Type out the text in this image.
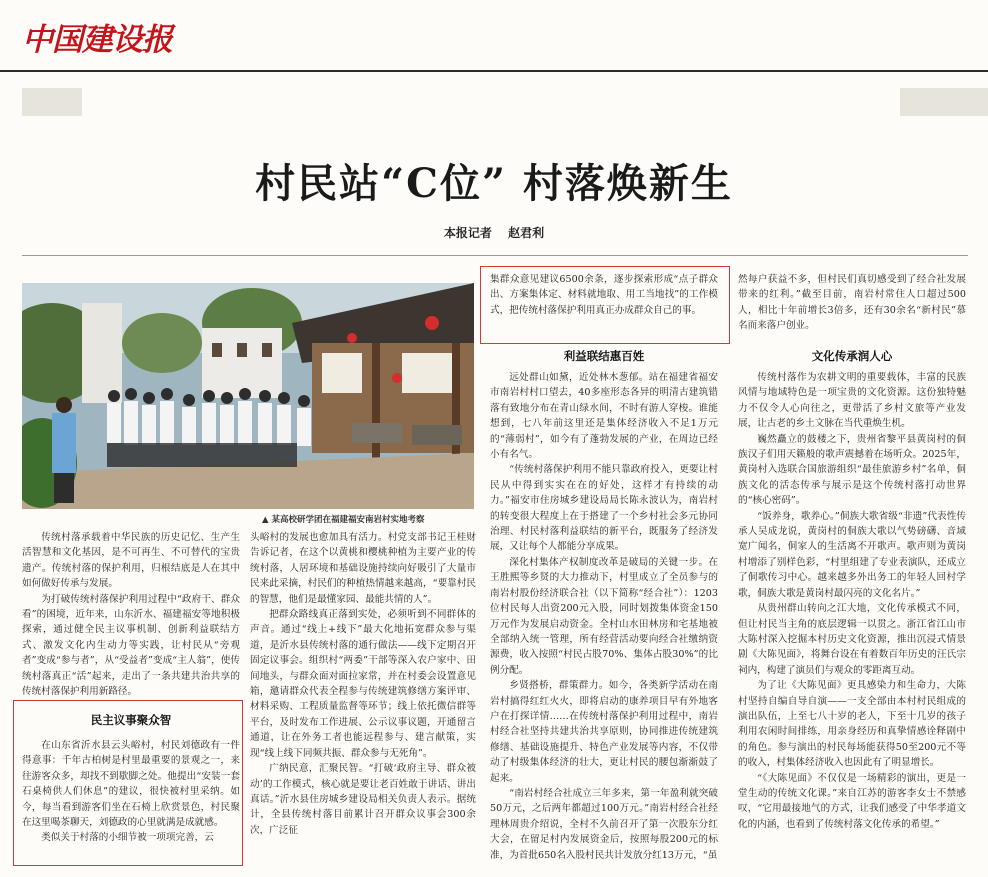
中国建设报
村民站“C位” 村落焕新生
本报记者 赵君利
▲ 某高校研学团在福建福安南岩村实地考察

传统村落承载着中华民族的历史记忆、生产生活智慧和文化基因，是不可再生、不可替代的宝贵遗产。传统村落的保护利用，归根结底是人在其中如何做好传承与发展。

为打破传统村落保护利用过程中“政府干、群众看”的困境，近年来，山东沂水、福建福安等地积极探索，通过健全民主议事机制、创新利益联结方式、激发文化内生动力等实践，让村民从“旁观者”变成“参与者”，从“受益者”变成“主人翁”，使传统村落真正“活”起来，走出了一条共建共治共享的传统村落保护利用新路径。

民主议事聚众智

在山东省沂水县云头峪村，村民刘德政有一件得意事：千年古柏树是村里最重要的景观之一，来往游客众多，却找不到歇脚之处。他提出“安装一套石桌椅供人们休息”的建议，很快被村里采纳。如今，每当看到游客们坐在石椅上欣赏景色，村民聚在这里喝茶聊天，刘德政的心里就满是成就感。

类似关于村落的小细节被一项项完善，云

头峪村的发展也愈加具有活力。村党支部书记王桂财告诉记者，在这个以黄桃和樱桃种植为主要产业的传统村落，人居环境和基础设施持续向好吸引了大量市民来此采摘，村民们的种植热情越来越高，“要靠村民的智慧，他们是最懂家园、最能共情的人”。

把群众路线真正落到实处，必须听到不同群体的声音。通过“线上+线下”最大化地拓宽群众参与渠道，是沂水县传统村落的通行做法——线下定期召开固定议事会。组织村“两委”干部等深入农户家中、田间地头，与群众面对面拉家常，并在村委会设置意见箱，邀请群众代表全程参与传统建筑修缮方案评审、材料采购、工程质量监督等环节；线上依托微信群等平台，及时发布工作进展、公示议事议题，开通留言通道，让在外务工者也能远程参与、建言献策，实现“线上线下同频共振、群众参与无死角”。

广纳民意，汇聚民智。“打破‘政府主导、群众被动’的工作模式，核心就是要让老百姓敢于讲话、讲出真话。”沂水县住房城乡建设局相关负责人表示。据统计，全县传统村落目前累计召开群众议事会300余次，广泛征

集群众意见建议6500余条，逐步探索形成“点子群众出、方案集体定、材料就地取、用工当地找”的工作模式，把传统村落保护利用真正办成群众自己的事。

利益联结惠百姓

远处群山如黛，近处林木葱郁。站在福建省福安市南岩村村口望去，40多座形态各异的明清古建筑错落有致地分布在青山绿水间，不时有游人穿梭。谁能想到，七八年前这里还是集体经济收入不足1万元的“薄弱村”，如今有了蓬勃发展的产业，在周边已经小有名气。

“传统村落保护利用不能只靠政府投入，更要让村民从中得到实实在在的好处，这样才有持续的动力。”福安市住房城乡建设局局长陈永波认为，南岩村的转变很大程度上在于搭建了一个乡村社会多元协同治理、村民村落利益联结的新平台，既服务了经济发展，又让每个人都能分享成果。

深化村集体产权制度改革是破局的关键一步。在王胜熙等乡贤的大力推动下，村里成立了全员参与的南岩村股份经济联合社（以下简称“经合社”）：1203位村民每人出资200元入股，同时划拨集体资金150万元作为发展启动资金。全村山水田林房和宅基地被全部纳入统一管理，所有经营活动要向经合社缴纳资源费，收入按照“村民占股70%、集体占股30%”的比例分配。

乡贤搭桥，群策群力。如今，各类新学活动在南岩村搞得红红火火，即将启动的康养项目早有外地客户在打探详情……在传统村落保护利用过程中，南岩村经合社坚持共建共治共享原则，协同推进传统建筑修缮、基础设施提升、特色产业发展等内容，不仅带动了村级集体经济的壮大，更让村民的腰包渐渐鼓了起来。

“南岩村经合社成立三年多来，第一年盈利就突破50万元，之后两年都超过100万元。”南岩村经合社经理林周贵介绍说，全村不久前召开了第一次股东分红大会，在留足村内发展资金后，按照每股200元的标准，为首批650名入股村民共计发放分红13万元，“虽

然每户获益不多，但村民们真切感受到了经合社发展带来的红利。”截至目前，南岩村常住人口超过500人，相比十年前增长3倍多，还有30余名“新村民”慕名而来落户创业。

文化传承润人心

传统村落作为农耕文明的重要载体，丰富的民族风情与地域特色是一项宝贵的文化资源。这份独特魅力不仅令人心向往之，更带活了乡村文旅等产业发展，让古老的乡土文脉在当代重焕生机。

巍然矗立的鼓楼之下，贵州省黎平县黄岗村的侗族汉子们用天籁般的歌声震撼着在场听众。2025年，黄岗村入选联合国旅游组织“最佳旅游乡村”名单，侗族文化的活态传承与展示是这个传统村落打动世界的“核心密码”。

“饭养身，歌养心。”侗族大歌省级“非遗”代表性传承人吴成龙说，黄岗村的侗族大歌以气势磅礴、音域宽广闻名，侗家人的生活离不开歌声。歌声则为黄岗村增添了别样色彩，“村里组建了专业表演队，还成立了侗歌传习中心。越来越多外出务工的年轻人回村学歌，侗族大歌是黄岗村最闪亮的文化名片。”

从贵州群山转向之江大地，文化传承模式不同，但让村民当主角的底层逻辑一以贯之。浙江省江山市大陈村深入挖掘本村历史文化资源，推出沉浸式情景剧《大陈见面》，将舞台设在有着数百年历史的汪氏宗祠内，构建了演员们与观众的零距离互动。

为了让《大陈见面》更具感染力和生命力，大陈村坚持自编自导自演——一支全部由本村村民组成的演出队伍，上至七八十岁的老人，下至十几岁的孩子利用农闲时间排练，用亲身经历和真挚情感诠释剧中的角色。参与演出的村民每场能获得50至200元不等的收入，村集体经济收入也因此有了明显增长。

“《大陈见面》不仅仅是一场精彩的演出，更是一堂生动的传统文化课。”来自江苏的游客李女士不禁感叹，“它用最接地气的方式，让我们感受了中华孝道文化的内涵，也看到了传统村落文化传承的希望。”
